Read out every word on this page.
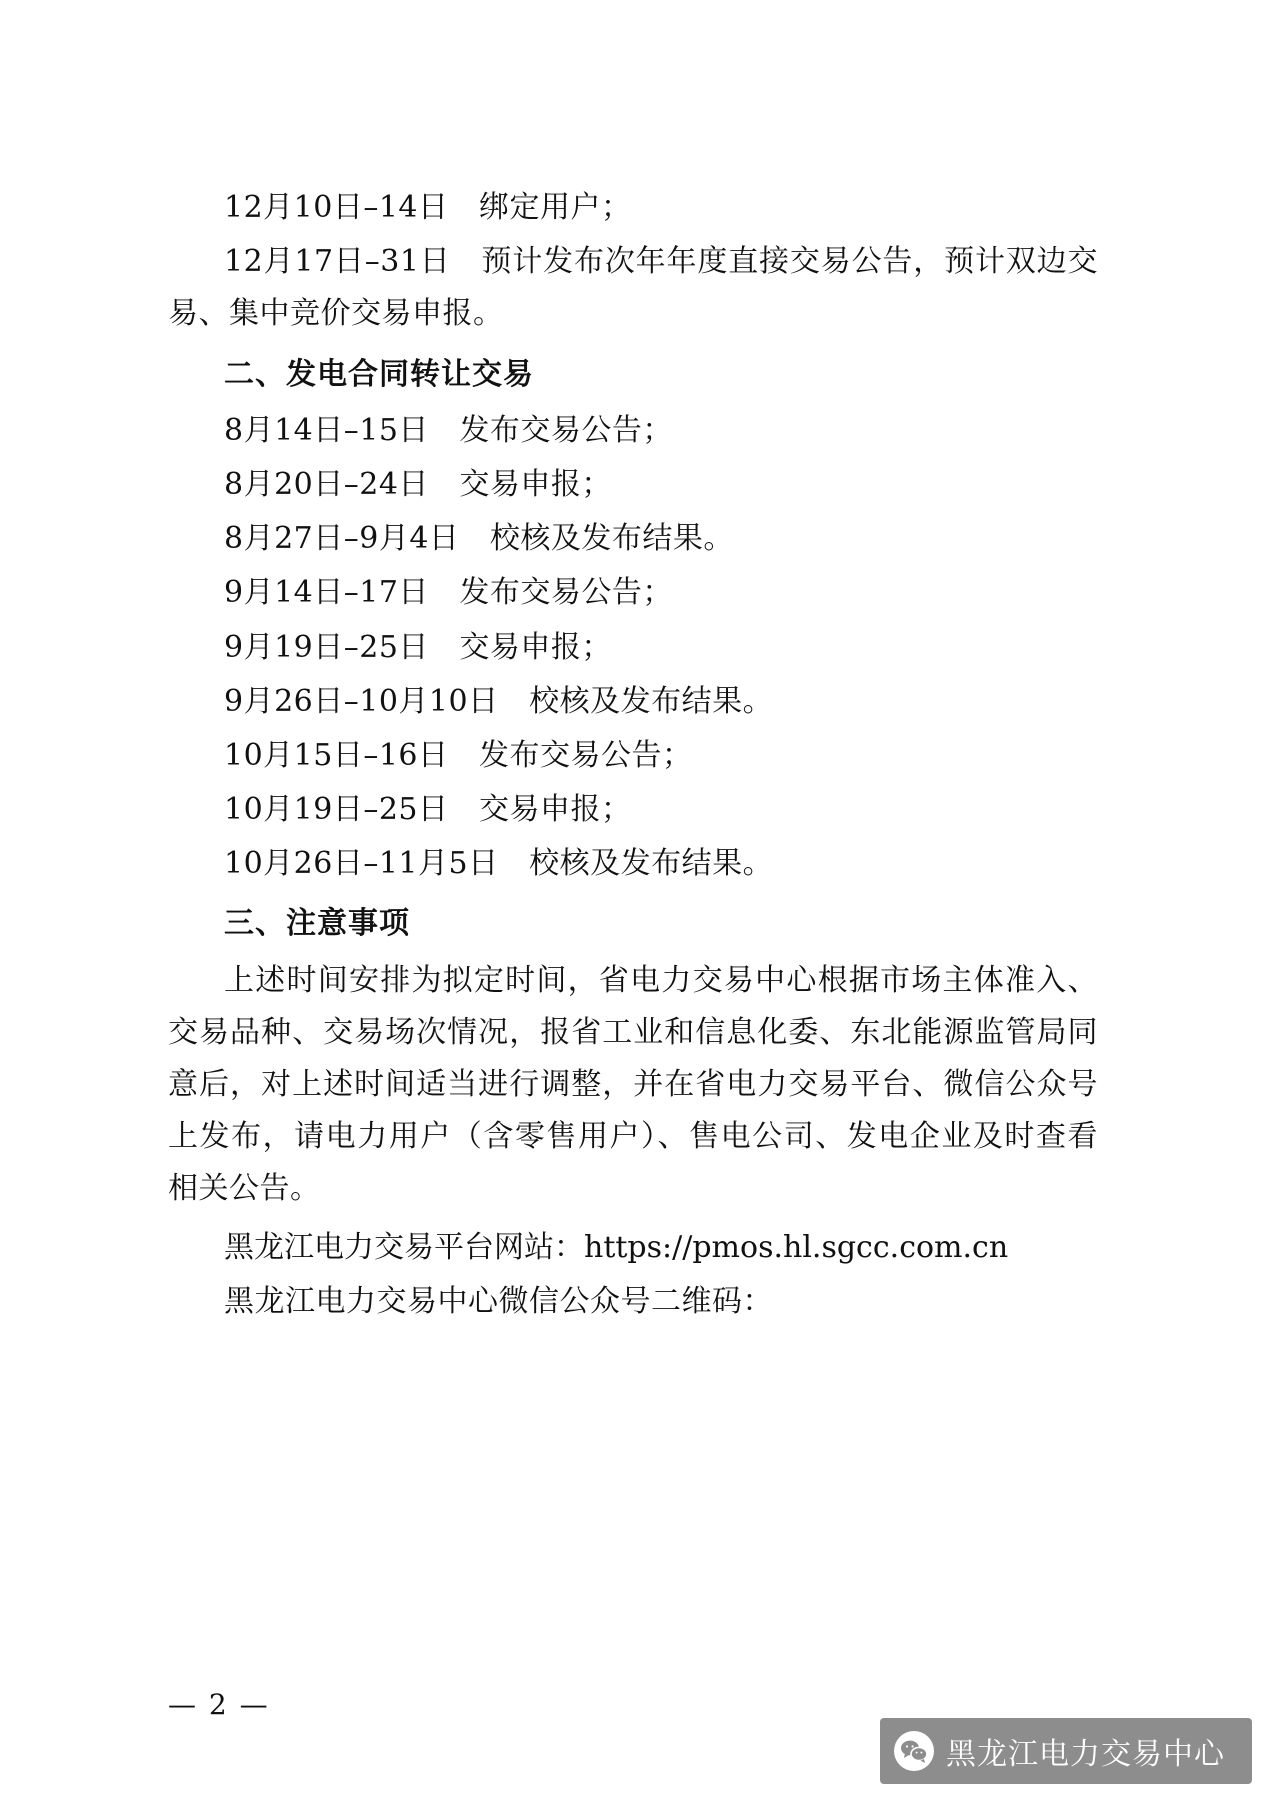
12月10日–14日　绑定用户；

12月17日–31日　预计发布次年年度直接交易公告，预计双边交易、集中竞价交易申报。

二、发电合同转让交易

8月14日–15日　发布交易公告；

8月20日–24日　交易申报；

8月27日–9月4日　校核及发布结果。

9月14日–17日　发布交易公告；

9月19日–25日　交易申报；

9月26日–10月10日　校核及发布结果。

10月15日–16日　发布交易公告；

10月19日–25日　交易申报；

10月26日–11月5日　校核及发布结果。

三、注意事项

上述时间安排为拟定时间，省电力交易中心根据市场主体准入、交易品种、交易场次情况，报省工业和信息化委、东北能源监管局同意后，对上述时间适当进行调整，并在省电力交易平台、微信公众号上发布，请电力用户（含零售用户）、售电公司、发电企业及时查看相关公告。

黑龙江电力交易平台网站：https://pmos.hl.sgcc.com.cn

黑龙江电力交易中心微信公众号二维码：

— 2 —
黑龙江电力交易中心
